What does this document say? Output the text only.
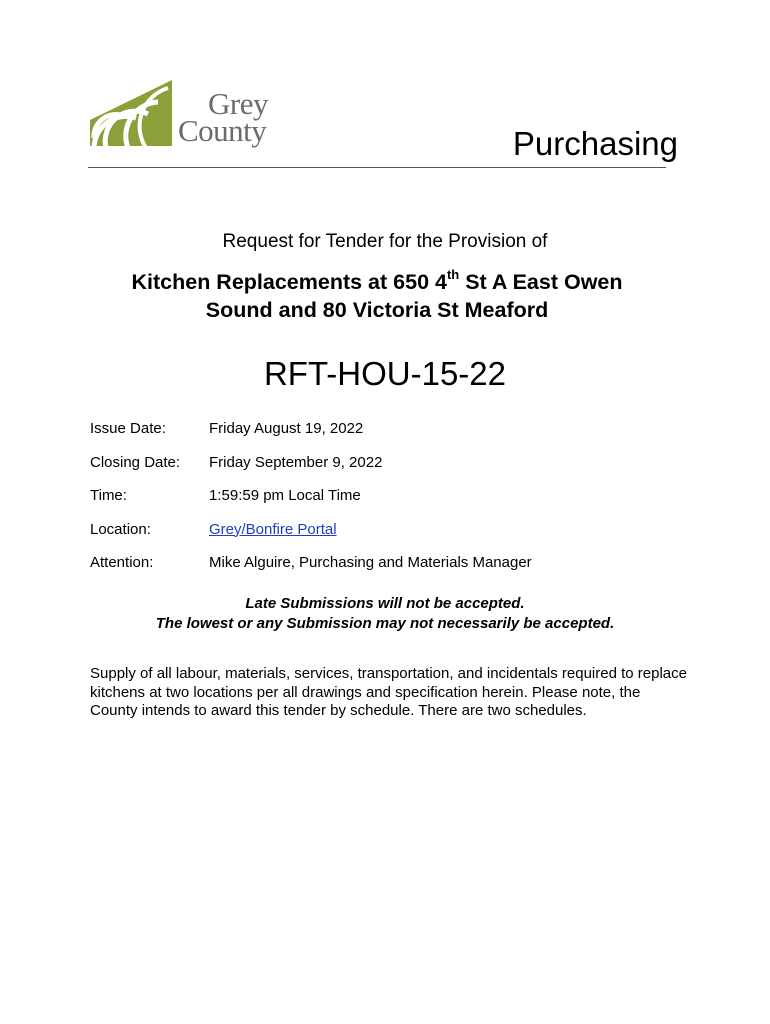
Grey
County	Purchasing
Request for Tender for the Provision of
Kitchen Replacements at 650 4th St A East Owen
Sound and 80 Victoria St Meaford
RFT-HOU-15-22
Issue Date:	Friday August 19, 2022
Closing Date:	Friday September 9, 2022
Time:	1:59:59 pm Local Time
Location:	Grey/Bonfire Portal
Attention:	Mike Alguire, Purchasing and Materials Manager
Late Submissions will not be accepted.
The lowest or any Submission may not necessarily be accepted.
Supply of all labour, materials, services, transportation, and incidentals required to replace kitchens at two locations per all drawings and specification herein. Please note, the County intends to award this tender by schedule. There are two schedules.
